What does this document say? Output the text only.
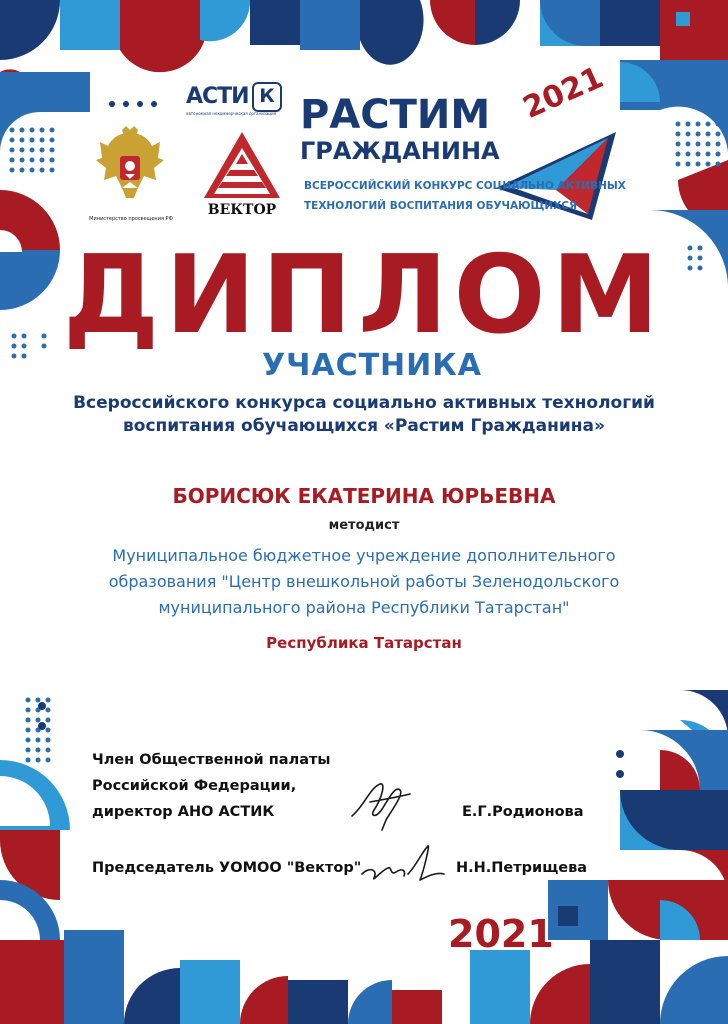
АСТИ К
автономная некоммерческая организация
Министерство просвещения РФ
ВЕКТОР
РАСТИМ
ГРАЖДАНИНА
2021
ВСЕРОССИЙСКИЙ КОНКУРС СОЦИАЛЬНО АКТИВНЫХ
ТЕХНОЛОГИЙ ВОСПИТАНИЯ ОБУЧАЮЩИХСЯ
ДИПЛОМ
УЧАСТНИКА
Всероссийского конкурса социально активных технологий
воспитания обучающихся «Растим Гражданина»
БОРИСЮК ЕКАТЕРИНА ЮРЬЕВНА
методист
Муниципальное бюджетное учреждение дополнительного
образования "Центр внешкольной работы Зеленодольского
муниципального района Республики Татарстан"
Республика Татарстан
Член Общественной палаты
Российской Федерации,
директор АНО АСТИК	Е.Г.Родионова
Председатель УОМОО "Вектор"	Н.Н.Петрищева
2021
